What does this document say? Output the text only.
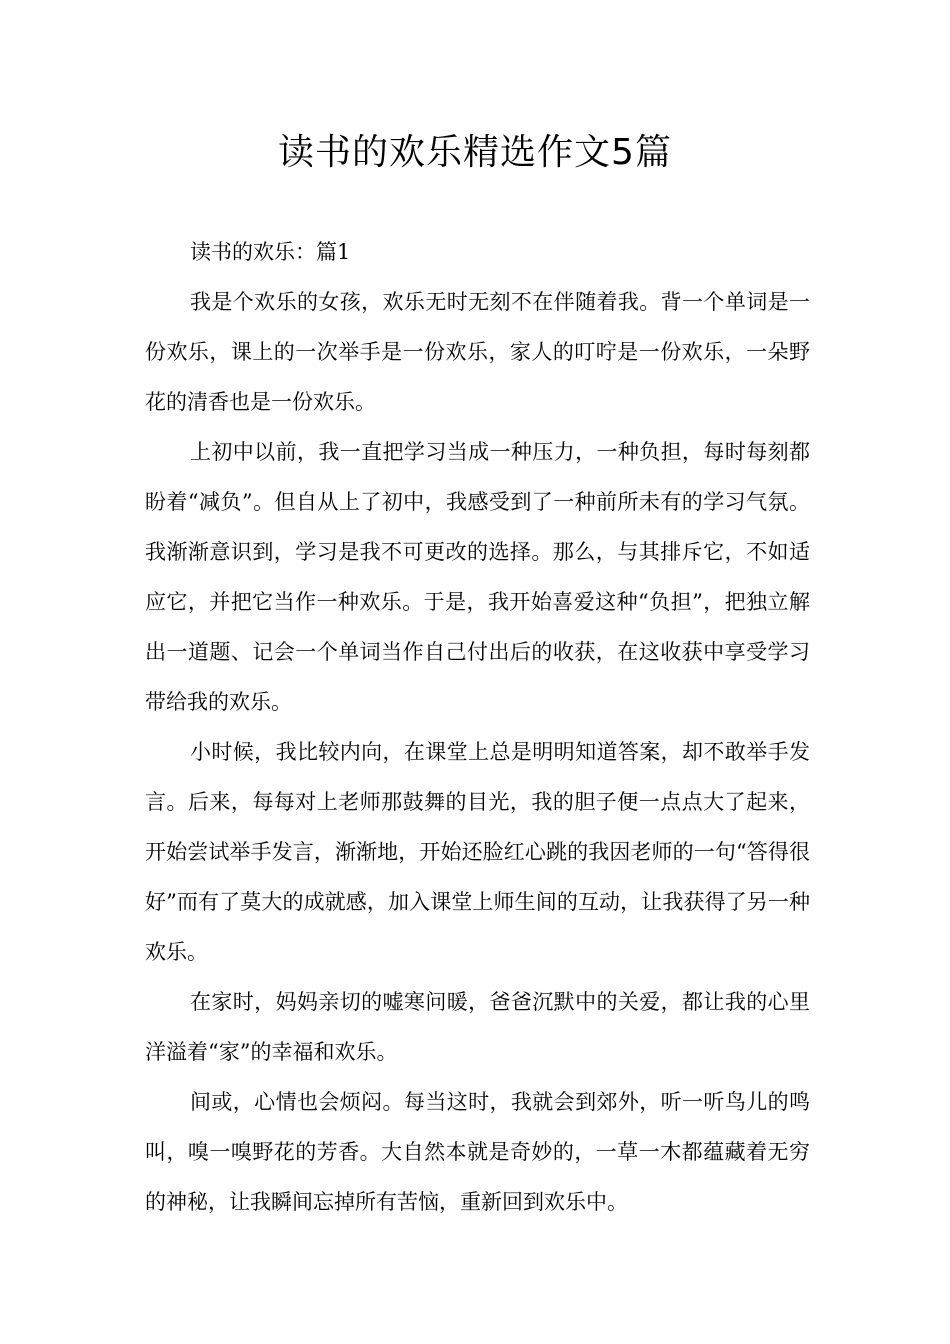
读书的欢乐精选作文5篇

读书的欢乐：篇1

我是个欢乐的女孩，欢乐无时无刻不在伴随着我。背一个单词是一份欢乐，课上的一次举手是一份欢乐，家人的叮咛是一份欢乐，一朵野花的清香也是一份欢乐。

上初中以前，我一直把学习当成一种压力，一种负担，每时每刻都盼着“减负”。但自从上了初中，我感受到了一种前所未有的学习气氛。我渐渐意识到，学习是我不可更改的选择。那么，与其排斥它，不如适应它，并把它当作一种欢乐。于是，我开始喜爱这种“负担”，把独立解出一道题、记会一个单词当作自己付出后的收获，在这收获中享受学习带给我的欢乐。

小时候，我比较内向，在课堂上总是明明知道答案，却不敢举手发言。后来，每每对上老师那鼓舞的目光，我的胆子便一点点大了起来，开始尝试举手发言，渐渐地，开始还脸红心跳的我因老师的一句“答得很好”而有了莫大的成就感，加入课堂上师生间的互动，让我获得了另一种欢乐。

在家时，妈妈亲切的嘘寒问暖，爸爸沉默中的关爱，都让我的心里洋溢着“家”的幸福和欢乐。

间或，心情也会烦闷。每当这时，我就会到郊外，听一听鸟儿的鸣叫，嗅一嗅野花的芳香。大自然本就是奇妙的，一草一木都蕴藏着无穷的神秘，让我瞬间忘掉所有苦恼，重新回到欢乐中。
